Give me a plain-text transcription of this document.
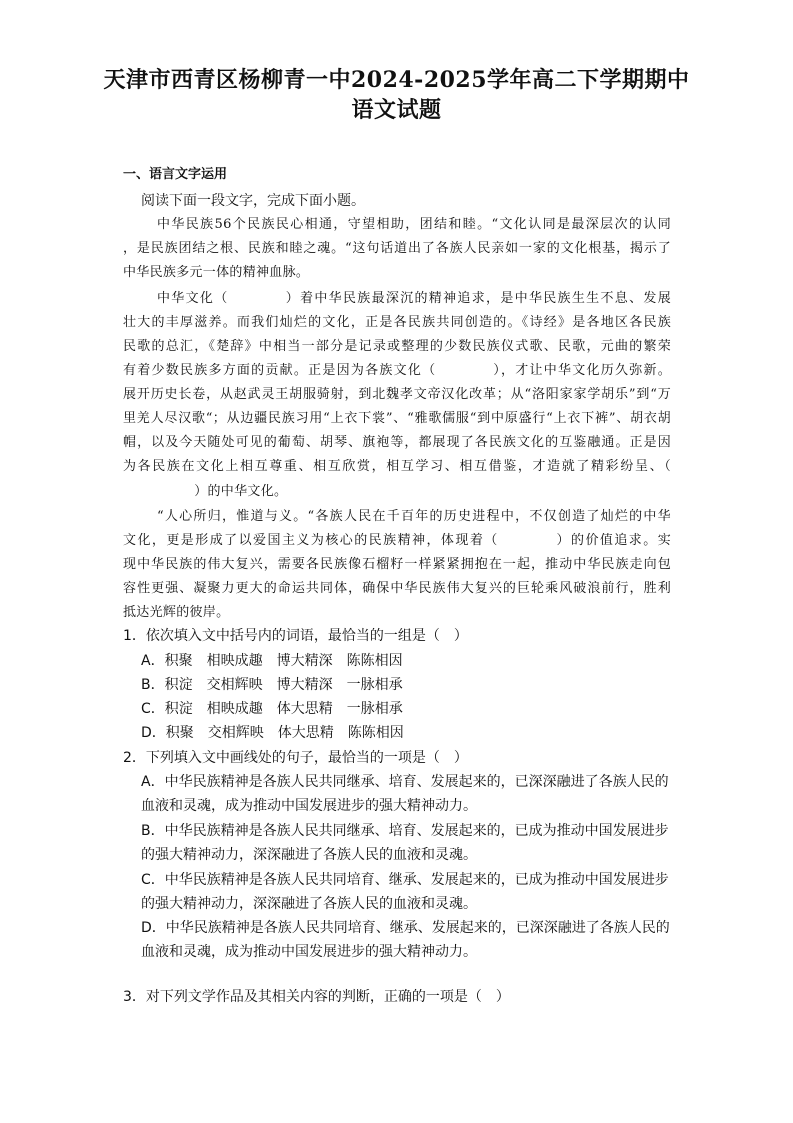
天津市西青区杨柳青一中2024-2025学年高二下学期期中
语文试题
一、语言文字运用
阅读下面一段文字，完成下面小题。
中华民族56个民族民心相通，守望相助，团结和睦。“文化认同是最深层次的认同
，是民族团结之根、民族和睦之魂。“这句话道出了各族人民亲如一家的文化根基，揭示了
中华民族多元一体的精神血脉。
中华文化（　　　　）着中华民族最深沉的精神追求，是中华民族生生不息、发展
壮大的丰厚滋养。而我们灿烂的文化，正是各民族共同创造的。《诗经》是各地区各民族
民歌的总汇，《楚辞》中相当一部分是记录或整理的少数民族仪式歌、民歌，元曲的繁荣
有着少数民族多方面的贡献。正是因为各族文化（　　　　），才让中华文化历久弥新。
展开历史长卷，从赵武灵王胡服骑射，到北魏孝文帝汉化改革；从“洛阳家家学胡乐”到“万
里羌人尽汉歌“；从边疆民族习用“上衣下裳”、“雅歌儒服“到中原盛行“上衣下裤”、胡衣胡
帽，以及今天随处可见的葡萄、胡琴、旗袍等，都展现了各民族文化的互鉴融通。正是因
为各民族在文化上相互尊重、相互欣赏，相互学习、相互借鉴，才造就了精彩纷呈、（
　　　　）的中华文化。
“人心所归，惟道与义。“各族人民在千百年的历史进程中，不仅创造了灿烂的中华
文化，更是形成了以爱国主义为核心的民族精神，体现着（　　　　）的价值追求。实
现中华民族的伟大复兴，需要各民族像石榴籽一样紧紧拥抱在一起，推动中华民族走向包
容性更强、凝聚力更大的命运共同体，确保中华民族伟大复兴的巨轮乘风破浪前行，胜利
抵达光辉的彼岸。
1．依次填入文中括号内的词语，最恰当的一组是（　）
A．积聚　相映成趣　博大精深　陈陈相因
B．积淀　交相辉映　博大精深　一脉相承
C．积淀　相映成趣　体大思精　一脉相承
D．积聚　交相辉映　体大思精　陈陈相因
2．下列填入文中画线处的句子，最恰当的一项是（　）
A．中华民族精神是各族人民共同继承、培育、发展起来的，已深深融进了各族人民的
血液和灵魂，成为推动中国发展进步的强大精神动力。
B．中华民族精神是各族人民共同继承、培育、发展起来的，已成为推动中国发展进步
的强大精神动力，深深融进了各族人民的血液和灵魂。
C．中华民族精神是各族人民共同培育、继承、发展起来的，已成为推动中国发展进步
的强大精神动力，深深融进了各族人民的血液和灵魂。
D．中华民族精神是各族人民共同培育、继承、发展起来的，已深深融进了各族人民的
血液和灵魂，成为推动中国发展进步的强大精神动力。
3．对下列文学作品及其相关内容的判断，正确的一项是（　）
